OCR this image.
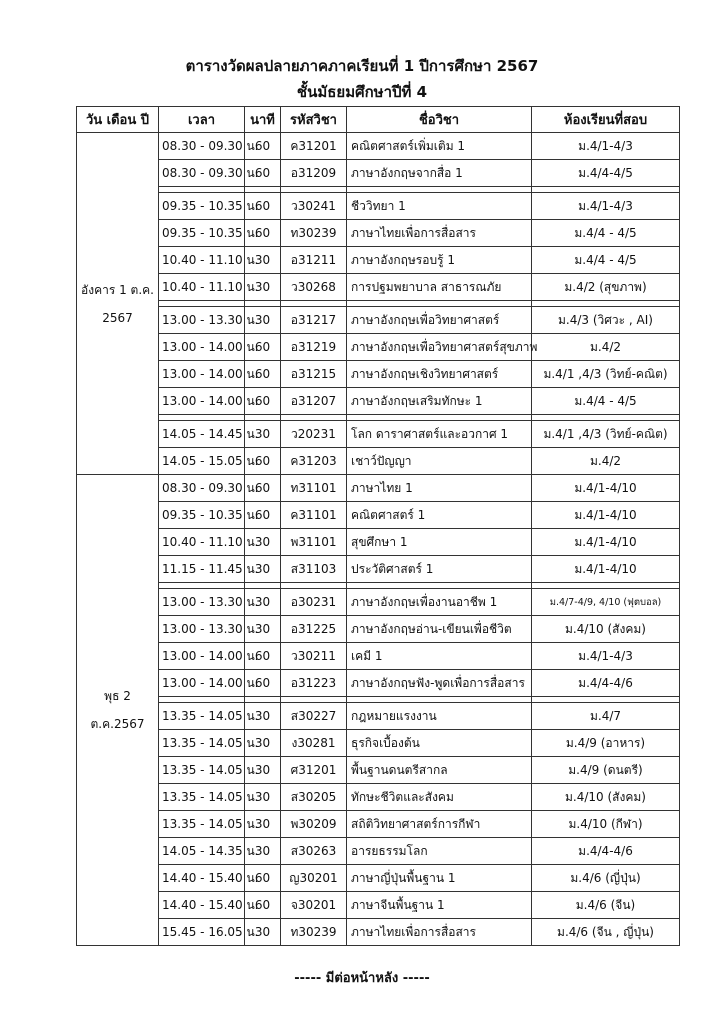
ตารางวัดผลปลายภาคภาคเรียนที่ 1 ปีการศึกษา 2567
ชั้นมัธยมศึกษาปีที่ 4
วัน เดือน ปี	เวลา	นาที	รหัสวิชา	ชื่อวิชา	ห้องเรียนที่สอบ

อังคาร 1 ต.ค.
2567	08.30 - 09.30 น.	60	ค31201	คณิตศาสตร์เพิ่มเติม 1	ม.4/1-4/3
	08.30 - 09.30 น.	60	อ31209	ภาษาอังกฤษจากสื่อ 1	ม.4/4-4/5

	09.35 - 10.35 น.	60	ว30241	ชีววิทยา 1	ม.4/1-4/3
	09.35 - 10.35 น.	60	ท30239	ภาษาไทยเพื่อการสื่อสาร	ม.4/4 - 4/5
	10.40 - 11.10 น.	30	อ31211	ภาษาอังกฤษรอบรู้ 1	ม.4/4 - 4/5
	10.40 - 11.10 น.	30	ว30268	การปฐมพยาบาล สาธารณภัย	ม.4/2 (สุขภาพ)

	13.00 - 13.30 น.	30	อ31217	ภาษาอังกฤษเพื่อวิทยาศาสตร์	ม.4/3 (วิศวะ , AI)
	13.00 - 14.00 น.	60	อ31219	ภาษาอังกฤษเพื่อวิทยาศาสตร์สุขภาพ	ม.4/2
	13.00 - 14.00 น.	60	อ31215	ภาษาอังกฤษเชิงวิทยาศาสตร์	ม.4/1 ,4/3 (วิทย์-คณิต)
	13.00 - 14.00 น.	60	อ31207	ภาษาอังกฤษเสริมทักษะ 1	ม.4/4 - 4/5

	14.05 - 14.45 น.	30	ว20231	โลก ดาราศาสตร์และอวกาศ 1	ม.4/1 ,4/3 (วิทย์-คณิต)
	14.05 - 15.05 น.	60	ค31203	เชาว์ปัญญา	ม.4/2
พุธ 2 ต.ค.2567	08.30 - 09.30 น.	60	ท31101	ภาษาไทย 1	ม.4/1-4/10
	09.35 - 10.35 น.	60	ค31101	คณิตศาสตร์ 1	ม.4/1-4/10
	10.40 - 11.10 น.	30	พ31101	สุขศึกษา 1	ม.4/1-4/10
	11.15 - 11.45 น.	30	ส31103	ประวัติศาสตร์ 1	ม.4/1-4/10

	13.00 - 13.30 น.	30	อ30231	ภาษาอังกฤษเพื่องานอาชีพ 1	ม.4/7-4/9, 4/10 (ฟุตบอล)
	13.00 - 13.30 น.	30	อ31225	ภาษาอังกฤษอ่าน-เขียนเพื่อชีวิต	ม.4/10 (สังคม)
	13.00 - 14.00 น.	60	ว30211	เคมี 1	ม.4/1-4/3
	13.00 - 14.00 น.	60	อ31223	ภาษาอังกฤษฟัง-พูดเพื่อการสื่อสาร	ม.4/4-4/6

	13.35 - 14.05 น.	30	ส30227	กฎหมายแรงงาน	ม.4/7
	13.35 - 14.05 น.	30	ง30281	ธุรกิจเบื้องต้น	ม.4/9 (อาหาร)
	13.35 - 14.05 น.	30	ศ31201	พื้นฐานดนตรีสากล	ม.4/9 (ดนตรี)
	13.35 - 14.05 น.	30	ส30205	ทักษะชีวิตและสังคม	ม.4/10 (สังคม)
	13.35 - 14.05 น.	30	พ30209	สถิติวิทยาศาสตร์การกีฬา	ม.4/10 (กีฬา)
	14.05 - 14.35 น.	30	ส30263	อารยธรรมโลก	ม.4/4-4/6
	14.40 - 15.40 น.	60	ญ30201	ภาษาญี่ปุ่นพื้นฐาน 1	ม.4/6 (ญี่ปุ่น)
	14.40 - 15.40 น.	60	จ30201	ภาษาจีนพื้นฐาน 1	ม.4/6 (จีน)
	15.45 - 16.05 น.	30	ท30239	ภาษาไทยเพื่อการสื่อสาร	ม.4/6 (จีน , ญี่ปุ่น)
----- มีต่อหน้าหลัง -----
